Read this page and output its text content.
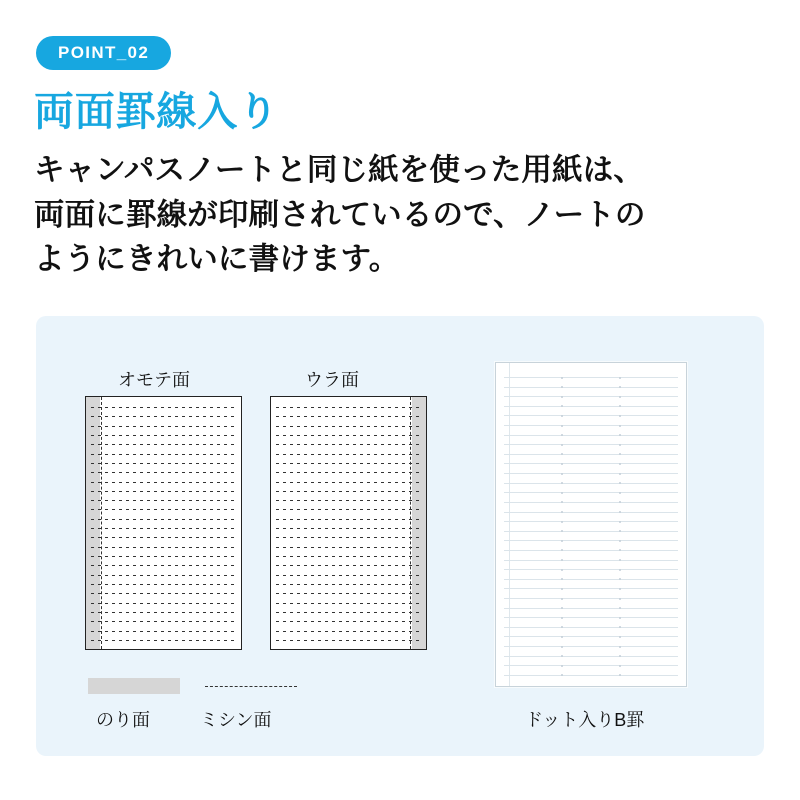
POINT_02
両面罫線入り
キャンパスノートと同じ紙を使った用紙は、
両面に罫線が印刷されているので、ノートの
ようにきれいに書けます。
オモテ面	ウラ面
のり面	ミシン面	ドット入りB罫
